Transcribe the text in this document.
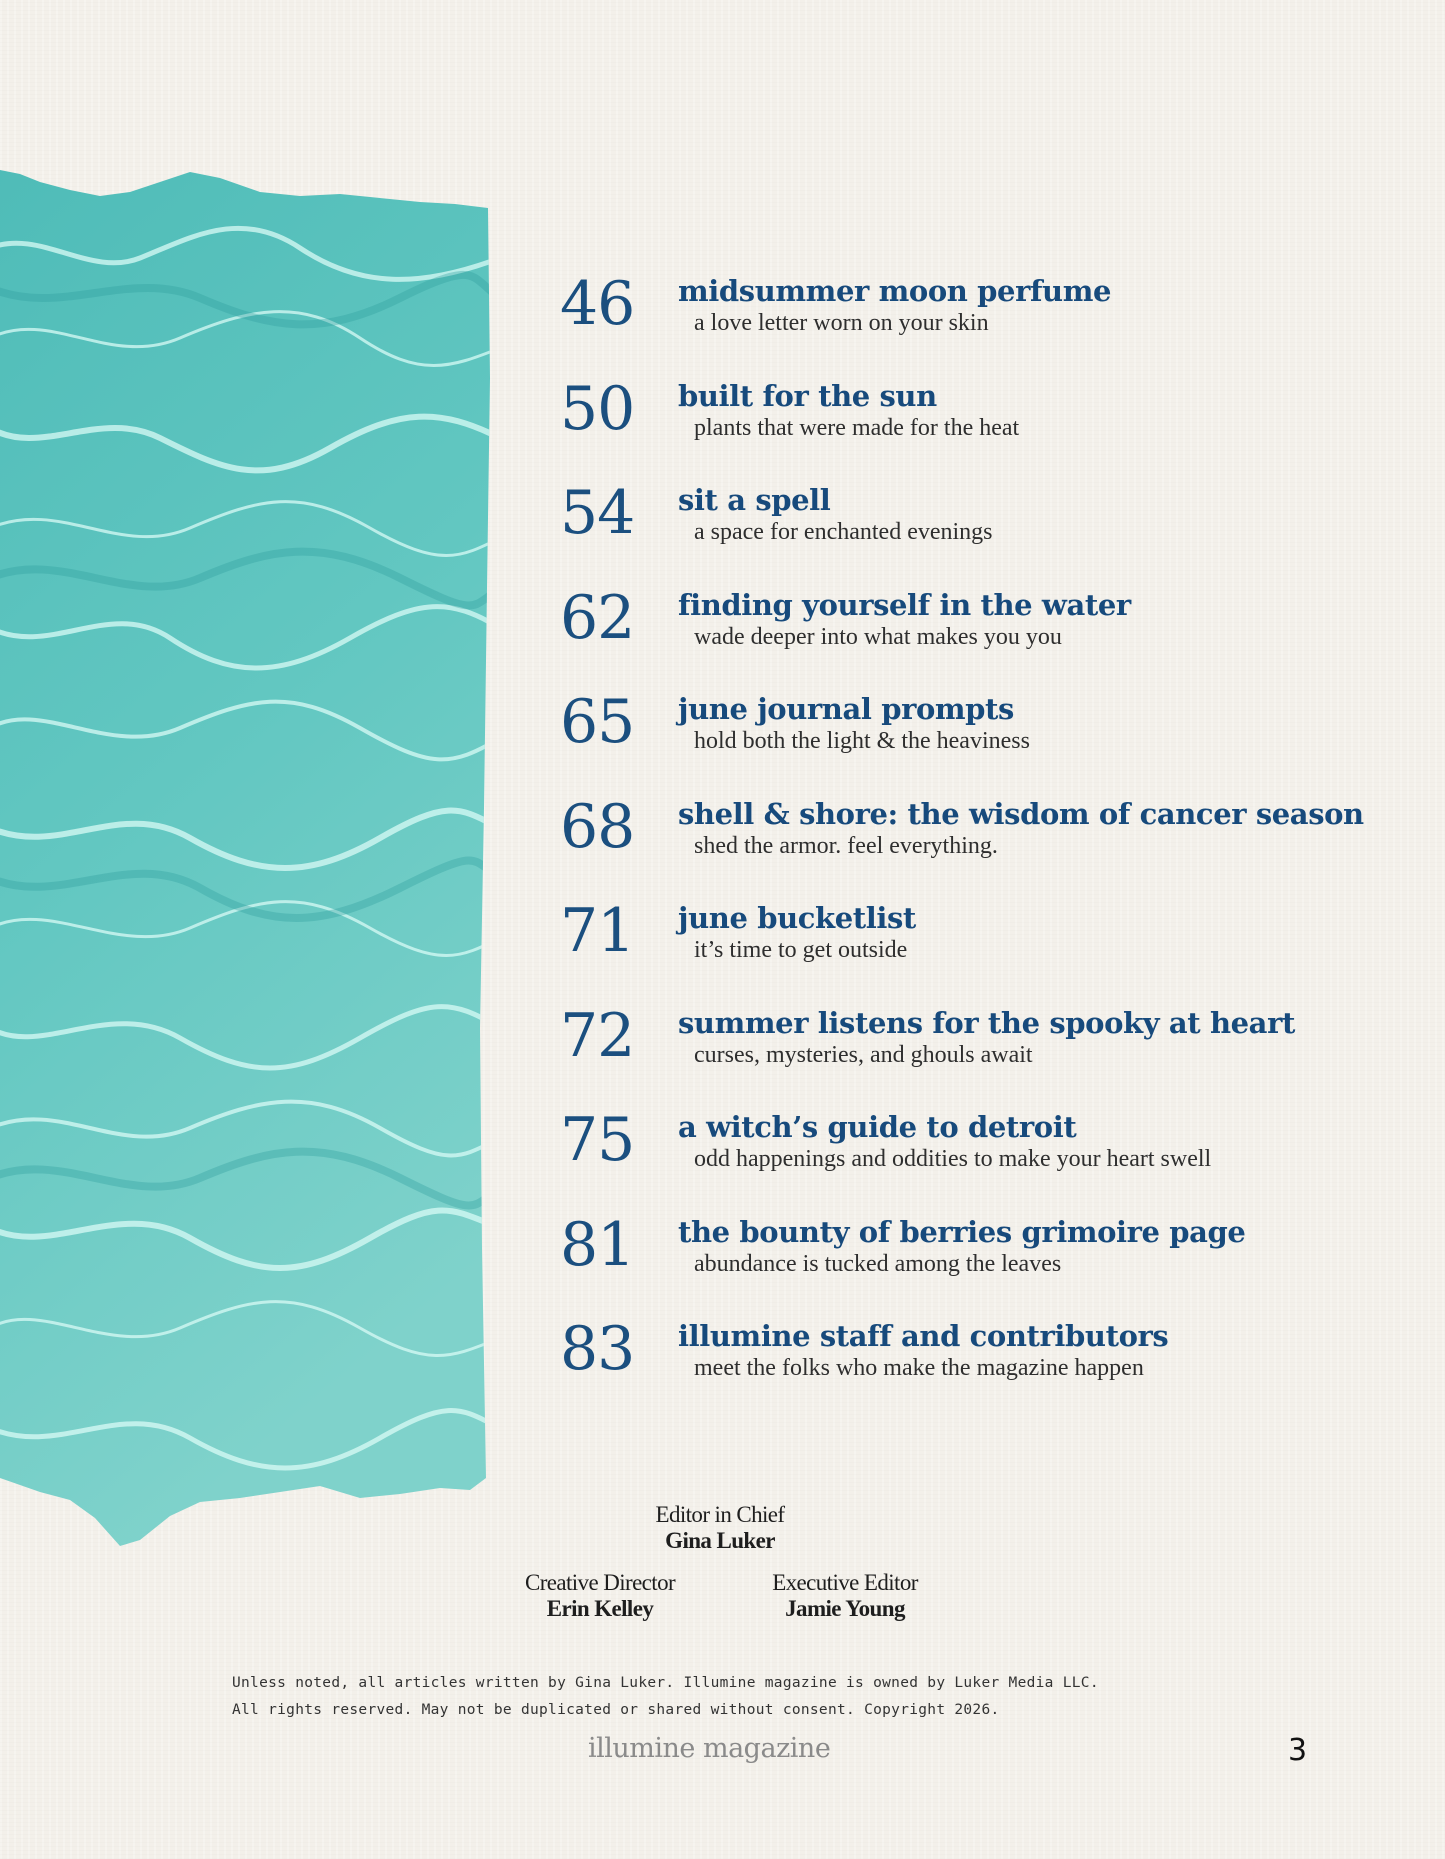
46	midsummer moon perfume
a love letter worn on your skin
50	built for the sun
plants that were made for the heat
54	sit a spell
a space for enchanted evenings
62	finding yourself in the water
wade deeper into what makes you you
65	june journal prompts
hold both the light & the heaviness
68	shell & shore: the wisdom of cancer season
shed the armor. feel everything.
71	june bucketlist
it’s time to get outside
72	summer listens for the spooky at heart
curses, mysteries, and ghouls await
75	a witch’s guide to detroit
odd happenings and oddities to make your heart swell
81	the bounty of berries grimoire page
abundance is tucked among the leaves
83	illumine staff and contributors
meet the folks who make the magazine happen
Editor in Chief
Gina Luker
Creative Director
Erin Kelley
Executive Editor
Jamie Young
Unless noted, all articles written by Gina Luker. Illumine magazine is owned by Luker Media LLC.
All rights reserved. May not be duplicated or shared without consent. Copyright 2026.
illumine magazine	3
